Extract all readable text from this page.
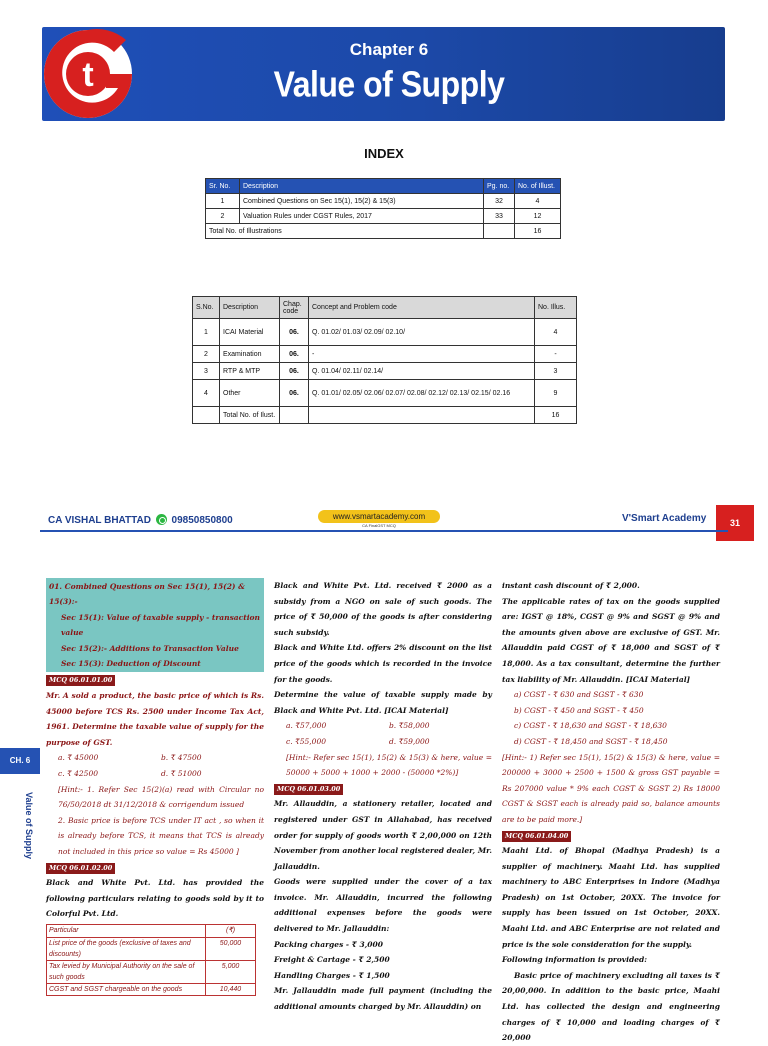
t
Chapter 6
Value of Supply
INDEX
Sr. No.	Description	Pg. no.	No. of Illust.
1	Combined Questions on Sec 15(1), 15(2) & 15(3)	32	4
2	Valuation Rules under CGST Rules, 2017	33	12
Total No. of Illustrations			16
S.No.	Description	Chap. code	Concept and Problem code	No. Illus.
1	ICAI Material	06.	Q. 01.02/ 01.03/ 02.09/ 02.10/	4
2	Examination	06.	-	-
3	RTP & MTP	06.	Q. 01.04/ 02.11/ 02.14/	3
4	Other	06.	Q. 01.01/ 02.05/ 02.06/ 02.07/ 02.08/ 02.12/ 02.13/ 02.15/ 02.16	9
	Total No. of Ilust.			16
CA VISHAL BHATTAD 09850850800	www.vsmartacademy.com
CA FinalGST MCQ
V'Smart Academy	31
CH. 6
Value of Supply
01. Combined Questions on Sec 15(1), 15(2) & 15(3):-
Sec 15(1): Value of taxable supply - transaction value
Sec 15(2):- Additions to Transaction Value
Sec 15(3): Deduction of Discount
MCQ 06.01.01.00

Mr. A sold a product, the basic price of which is Rs. 45000 before TCS Rs. 2500 under Income Tax Act, 1961. Determine the taxable value of supply for the purpose of GST.

a. ₹ 45000	b. ₹ 47500
c. ₹ 42500	d. ₹ 51000

[Hint:- 1. Refer Sec 15(2)(a) read with Circular no 76/50/2018 dt 31/12/2018 & corrigendum issued

2. Basic price is before TCS under IT act , so when it is already before TCS, it means that TCS is already not included in this price so value = Rs 45000 ]

MCQ 06.01.02.00

Black and White Pvt. Ltd. has provided the following particulars relating to goods sold by it to Colorful Pvt. Ltd.

Particular	(₹)
List price of the goods (exclusive of taxes and discounts)	50,000
Tax levied by Municipal Authority on the sale of such goods	5,000
CGST and SGST chargeable on the goods	10,440

Black and White Pvt. Ltd. received ₹ 2000 as a subsidy from a NGO on sale of such goods. The price of ₹ 50,000 of the goods is after considering such subsidy.

Black and White Ltd. offers 2% discount on the list price of the goods which is recorded in the invoice for the goods.

Determine the value of taxable supply made by Black and White Pvt. Ltd. [ICAI Material]

a. ₹57,000	b. ₹58,000
c. ₹55,000	d. ₹59,000

[Hint:- Refer sec 15(1), 15(2) & 15(3) & here, value = 50000 + 5000 + 1000 + 2000 - (50000 *2%)]

MCQ 06.01.03.00

Mr. Allauddin, a stationery retailer, located and registered under GST in Allahabad, has received order for supply of goods worth ₹ 2,00,000 on 12th November from another local registered dealer, Mr. Jallauddin.

Goods were supplied under the cover of a tax invoice. Mr. Allauddin, incurred the following additional expenses before the goods were delivered to Mr. Jallauddin:

Packing charges - ₹ 3,000

Freight & Cartage - ₹ 2,500

Handling Charges - ₹ 1,500

Mr. Jallauddin made full payment (including the additional amounts charged by Mr. Allauddin) on

instant cash discount of ₹ 2,000.

The applicable rates of tax on the goods supplied are: IGST @ 18%, CGST @ 9% and SGST @ 9% and the amounts given above are exclusive of GST. Mr. Allauddin paid CGST of ₹ 18,000 and SGST of ₹ 18,000. As a tax consultant, determine the further tax liability of Mr. Allauddin. [ICAI Material]

a) CGST - ₹ 630 and SGST - ₹ 630
b) CGST - ₹ 450 and SGST - ₹ 450
c) CGST - ₹ 18,630 and SGST - ₹ 18,630
d) CGST - ₹ 18,450 and SGST - ₹ 18,450

[Hint:- 1) Refer sec 15(1), 15(2) & 15(3) & here, value = 200000 + 3000 + 2500 + 1500 & gross GST payable = Rs 207000 value * 9% each CGST & SGST 2) Rs 18000 CGST & SGST each is already paid so, balance amounts are to be paid more.]

MCQ 06.01.04.00

Maahi Ltd. of Bhopal (Madhya Pradesh) is a supplier of machinery. Maahi Ltd. has supplied machinery to ABC Enterprises in Indore (Madhya Pradesh) on 1st October, 20XX. The invoice for supply has been issued on 1st October, 20XX. Maahi Ltd. and ABC Enterprise are not related and price is the sole consideration for the supply.

Following information is provided:

Basic price of machinery excluding all taxes is ₹ 20,00,000. In addition to the basic price, Maahi Ltd. has collected the design and engineering charges of ₹ 10,000 and loading charges of ₹ 20,000
